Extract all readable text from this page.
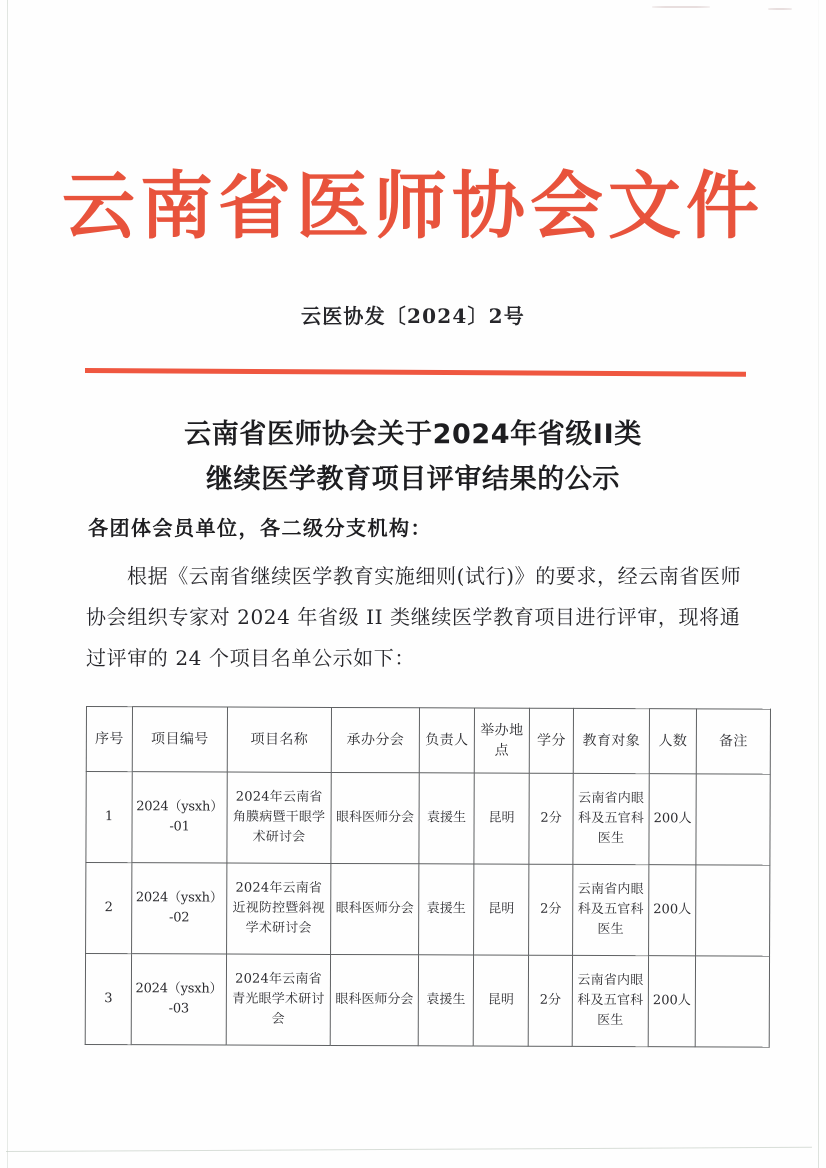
云南省医师协会文件
云医协发〔2024〕2号
云南省医师协会关于2024年省级II类
继续医学教育项目评审结果的公示
各团体会员单位，各二级分支机构：

根据《云南省继续医学教育实施细则(试行)》的要求，经云南省医师协会组织专家对 2024 年省级 II 类继续医学教育项目进行评审，现将通过评审的 24 个项目名单公示如下：

序号	项目编号	项目名称	承办分会	负责人	举办地点	学分	教育对象	人数	备注
1	2024（ysxh）-01	2024年云南省角膜病暨干眼学术研讨会	眼科医师分会	袁援生	昆明	2分	云南省内眼科及五官科医生	200人	
2	2024（ysxh）-02	2024年云南省近视防控暨斜视学术研讨会	眼科医师分会	袁援生	昆明	2分	云南省内眼科及五官科医生	200人	
3	2024（ysxh）-03	2024年云南省青光眼学术研讨会	眼科医师分会	袁援生	昆明	2分	云南省内眼科及五官科医生	200人	
